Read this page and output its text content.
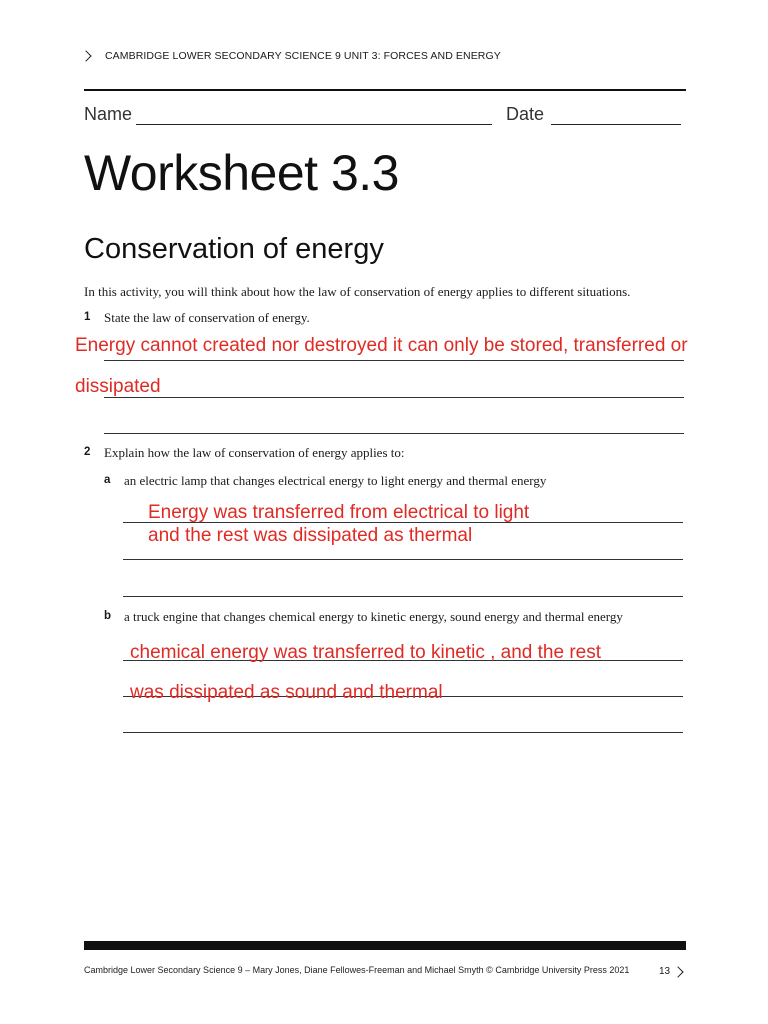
CAMBRIDGE LOWER SECONDARY SCIENCE 9 UNIT 3: FORCES AND ENERGY
Name	Date
Worksheet 3.3
Conservation of energy
In this activity, you will think about how the law of conservation of energy applies to different situations.
1 State the law of conservation of energy.
Energy cannot created nor destroyed it can only be stored, transferred or
dissipated
2 Explain how the law of conservation of energy applies to:
a an electric lamp that changes electrical energy to light energy and thermal energy
Energy was transferred from electrical to light
and the rest was dissipated as thermal
b a truck engine that changes chemical energy to kinetic energy, sound energy and thermal energy
chemical energy was transferred to kinetic , and the rest
was dissipated as sound and thermal
Cambridge Lower Secondary Science 9 – Mary Jones, Diane Fellowes-Freeman and Michael Smyth © Cambridge University Press 2021	13
